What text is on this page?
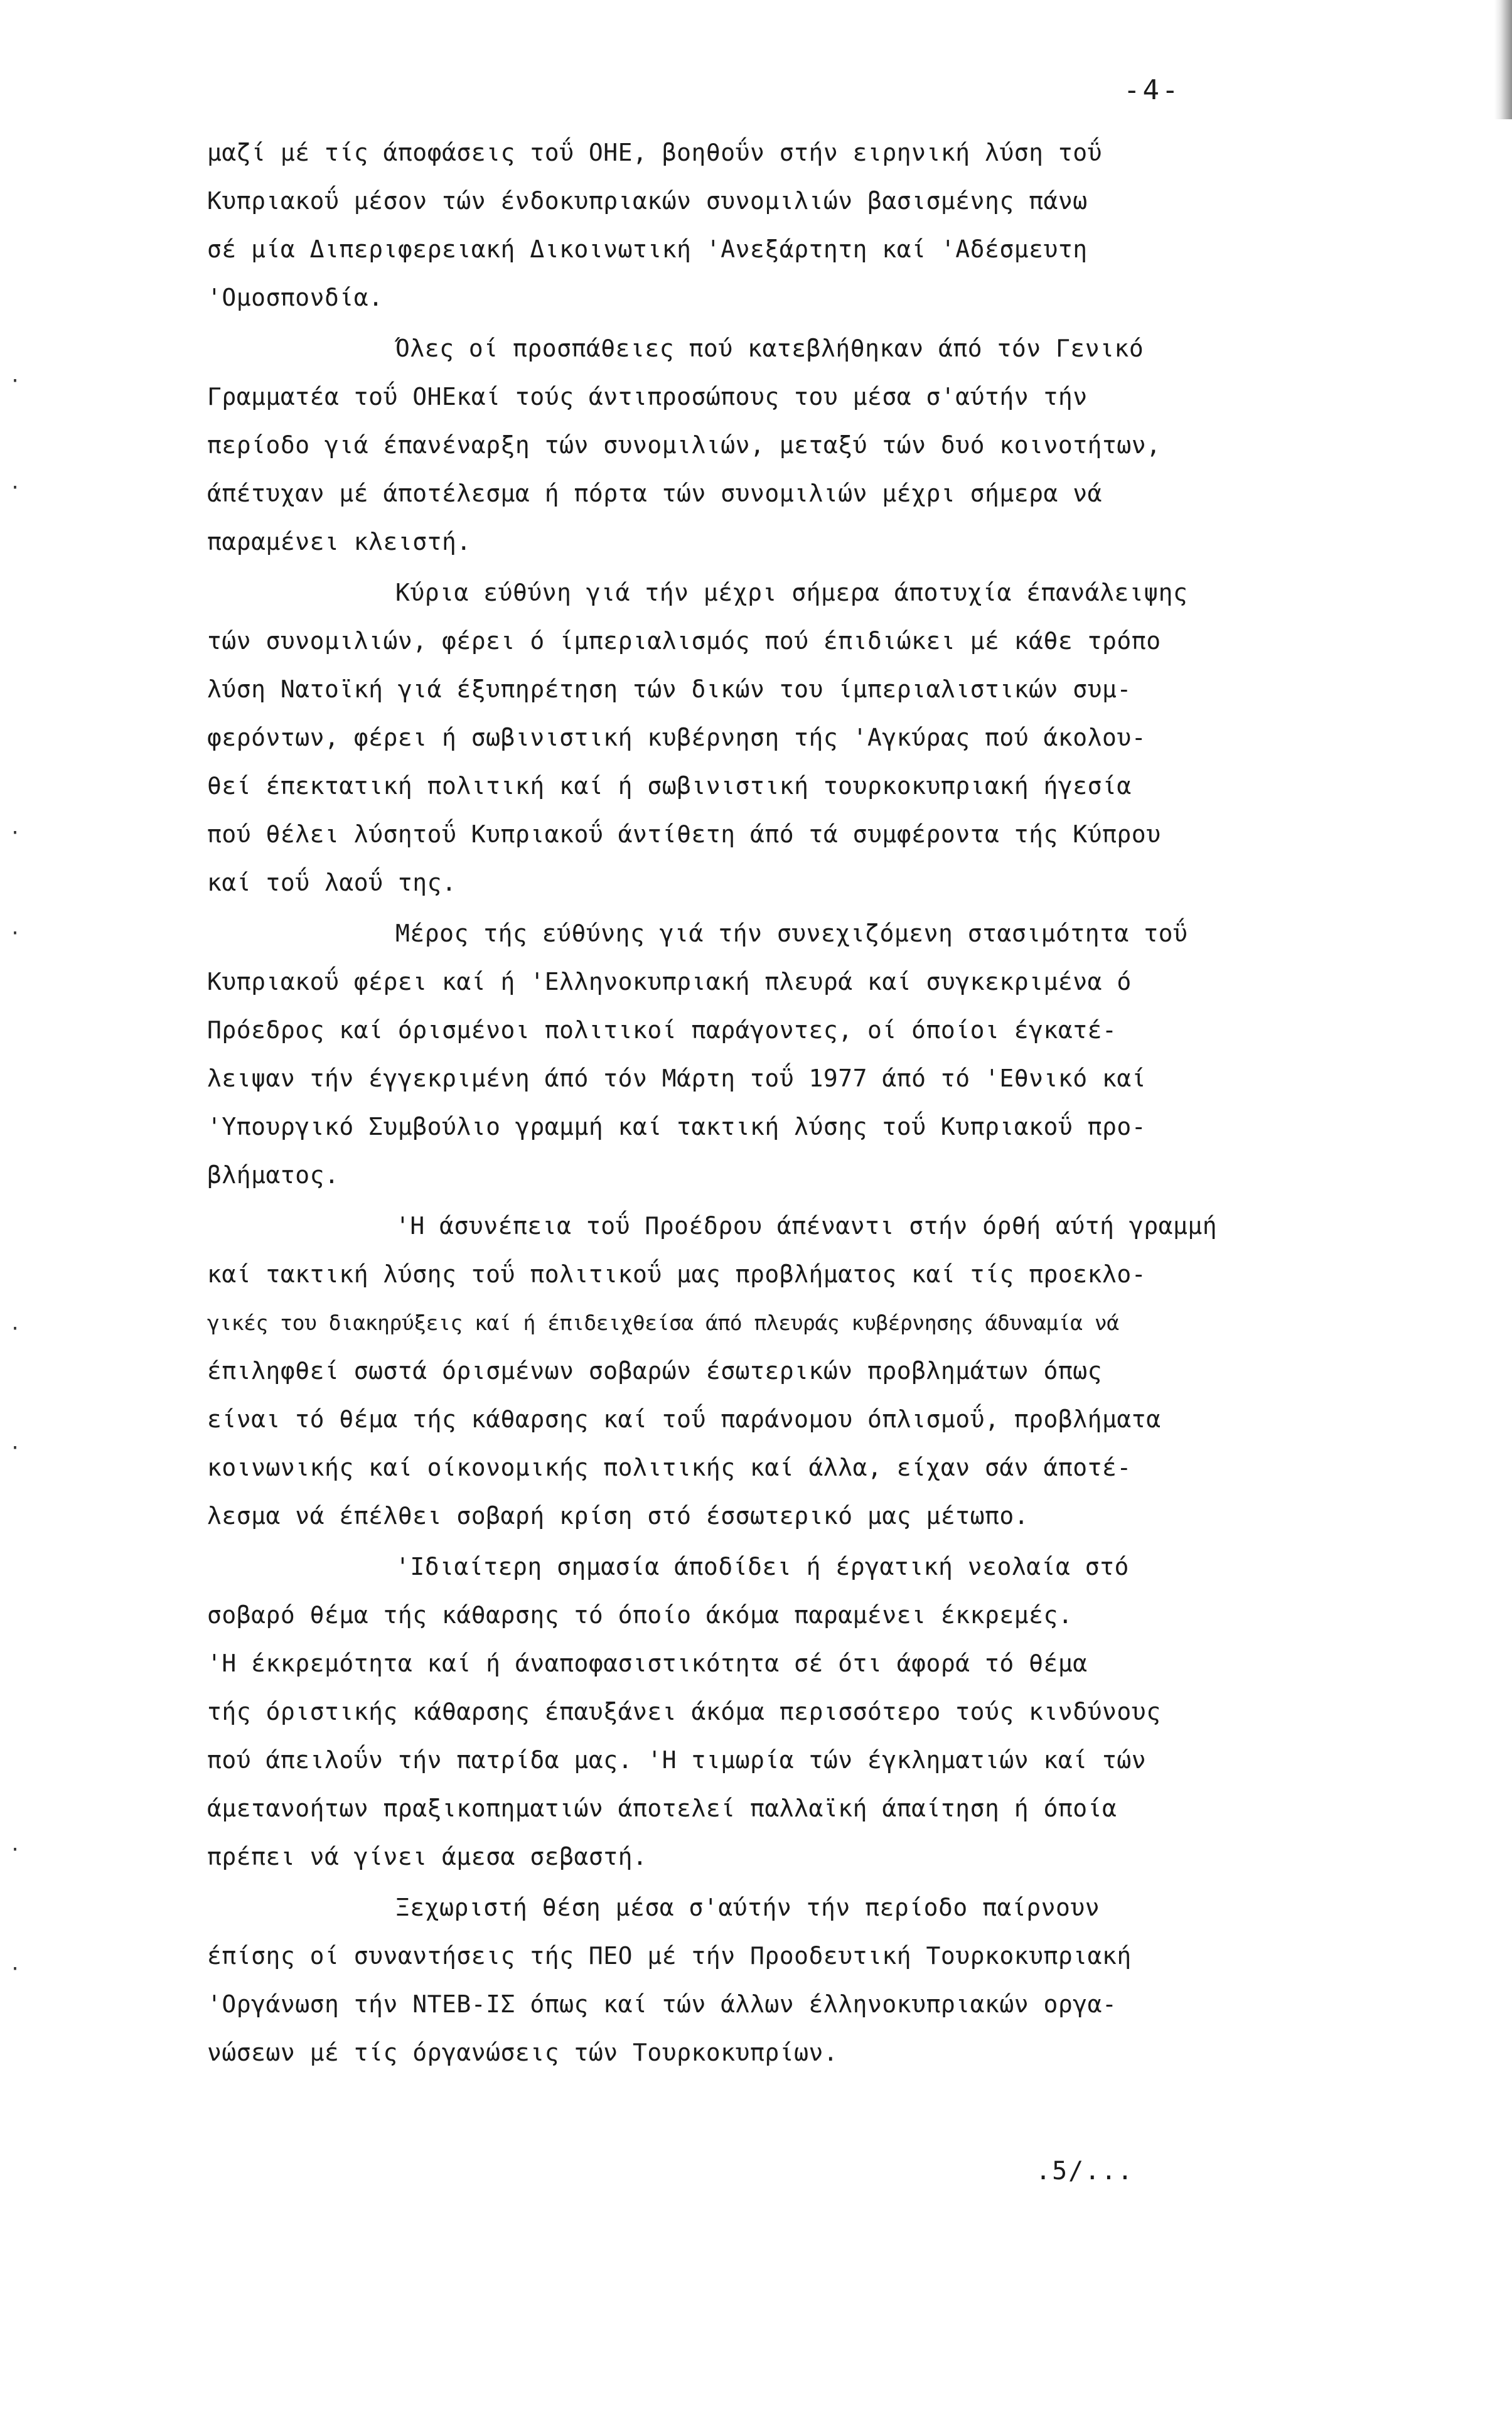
-4-
·
·
·
·
·
·
·
·
μαζί μέ τίς άποφάσεις τοΰ ΟΗΕ, βοηθοΰν στήν ειρηνική λύση τοΰ
Κυπριακοΰ μέσον τών ένδοκυπριακών συνομιλιών βασισμένης πάνω
σέ μία Διπεριφερειακή Δικοινωτική 'Ανεξάρτητη καί 'Αδέσμευτη
'Ομοσπονδία.
Όλες οί προσπάθειες πού κατεβλήθηκαν άπό τόν Γενικό
Γραμματέα τοΰ ΟΗΕκαί τούς άντιπροσώπους του μέσα σ'αύτήν τήν
περίοδο γιά έπανέναρξη τών συνομιλιών, μεταξύ τών δυό κοινοτήτων,
άπέτυχαν μέ άποτέλεσμα ή πόρτα τών συνομιλιών μέχρι σήμερα νά
παραμένει κλειστή.
Κύρια εύθύνη γιά τήν μέχρι σήμερα άποτυχία έπανάλειψης
τών συνομιλιών, φέρει ό ίμπεριαλισμός πού έπιδιώκει μέ κάθε τρόπο
λύση Νατοϊκή γιά έξυπηρέτηση τών δικών του ίμπεριαλιστικών συμ-
φερόντων, φέρει ή σωβινιστική κυβέρνηση τής 'Αγκύρας πού άκολου-
θεί έπεκτατική πολιτική καί ή σωβινιστική τουρκοκυπριακή ήγεσία
πού θέλει λύσητοΰ Κυπριακοΰ άντίθετη άπό τά συμφέροντα τής Κύπρου
καί τοΰ λαοΰ της.
Μέρος τής εύθύνης γιά τήν συνεχιζόμενη στασιμότητα τοΰ
Κυπριακοΰ φέρει καί ή 'Ελληνοκυπριακή πλευρά καί συγκεκριμένα ό
Πρόεδρος καί όρισμένοι πολιτικοί παράγοντες, οί όποίοι έγκατέ-
λειψαν τήν έγγεκριμένη άπό τόν Μάρτη τοΰ 1977 άπό τό 'Εθνικό καί
'Υπουργικό Συμβούλιο γραμμή καί τακτική λύσης τοΰ Κυπριακοΰ προ-
βλήματος.
'Η άσυνέπεια τοΰ Προέδρου άπέναντι στήν όρθή αύτή γραμμή
καί τακτική λύσης τοΰ πολιτικοΰ μας προβλήματος καί τίς προεκλο-
γικές του διακηρύξεις καί ή έπιδειχθείσα άπό πλευράς κυβέρνησης άδυναμία νά
έπιληφθεί σωστά όρισμένων σοβαρών έσωτερικών προβλημάτων όπως
είναι τό θέμα τής κάθαρσης καί τοΰ παράνομου όπλισμοΰ, προβλήματα
κοινωνικής καί οίκονομικής πολιτικής καί άλλα, είχαν σάν άποτέ-
λεσμα νά έπέλθει σοβαρή κρίση στό έσσωτερικό μας μέτωπο.
'Ιδιαίτερη σημασία άποδίδει ή έργατική νεολαία στό
σοβαρό θέμα τής κάθαρσης τό όποίο άκόμα παραμένει έκκρεμές.
'Η έκκρεμότητα καί ή άναποφασιστικότητα σέ ότι άφορά τό θέμα
τής όριστικής κάθαρσης έπαυξάνει άκόμα περισσότερο τούς κινδύνους
πού άπειλοΰν τήν πατρίδα μας. 'Η τιμωρία τών έγκληματιών καί τών
άμετανοήτων πραξικοπηματιών άποτελεί παλλαϊκή άπαίτηση ή όποία
πρέπει νά γίνει άμεσα σεβαστή.
Ξεχωριστή θέση μέσα σ'αύτήν τήν περίοδο παίρνουν
έπίσης οί συναντήσεις τής ΠΕΟ μέ τήν Προοδευτική Τουρκοκυπριακή
'Οργάνωση τήν ΝΤΕΒ-ΙΣ όπως καί τών άλλων έλληνοκυπριακών οργα-
νώσεων μέ τίς όργανώσεις τών Τουρκοκυπρίων.
.5/...
